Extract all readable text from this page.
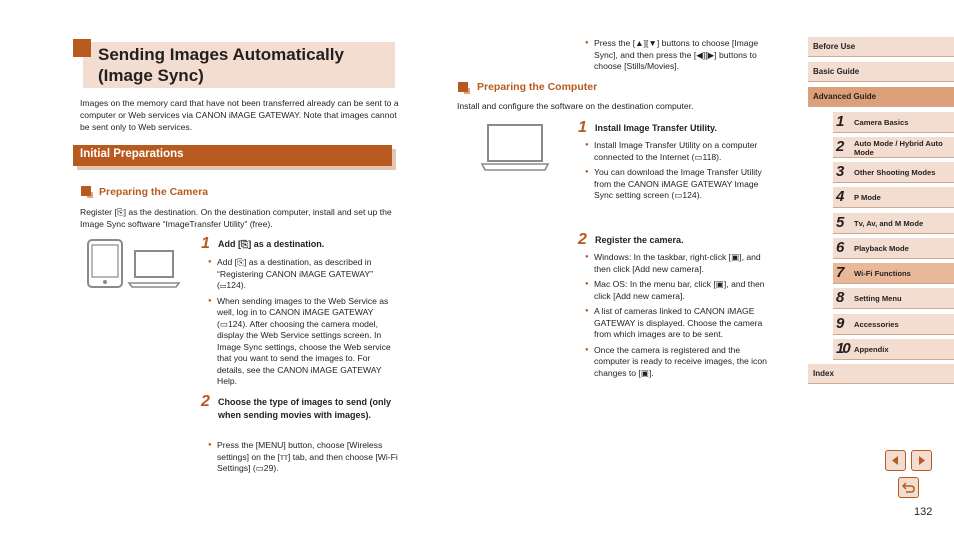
Sending Images Automatically
(Image Sync)
Images on the memory card that have not been transferred already can be sent to a computer or Web services via CANON iMAGE GATEWAY. Note that images cannot be sent only to Web services.
Initial Preparations
Preparing the Camera
Register [⎘] as the destination. On the destination computer, install and set up the Image Sync software “ImageTransfer Utility” (free).
1 Add [⎘] as a destination.
● Add [⎘] as a destination, as described in “Registering CANON iMAGE GATEWAY” (▭124).
● When sending images to the Web Service as well, log in to CANON iMAGE GATEWAY (▭124). After choosing the camera model, display the Web Service settings screen. In Image Sync settings, choose the Web service that you want to send the images to. For details, see the CANON iMAGE GATEWAY Help.
2 Choose the type of images to send (only when sending movies with images).
● Press the [MENU] button, choose [Wireless settings] on the [тт] tab, and then choose [Wi-Fi Settings] (▭29).
● Press the [▲][▼] buttons to choose [Image Sync], and then press the [◀][▶] buttons to choose [Stills/Movies].
Preparing the Computer
Install and configure the software on the destination computer.
1 Install Image Transfer Utility.
● Install Image Transfer Utility on a computer connected to the Internet (▭118).
● You can download the Image Transfer Utility from the CANON iMAGE GATEWAY Image Sync setting screen (▭124).
2 Register the camera.
● Windows: In the taskbar, right-click [▣], and then click [Add new camera].
● Mac OS: In the menu bar, click [▣], and then click [Add new camera].
● A list of cameras linked to CANON iMAGE GATEWAY is displayed. Choose the camera from which images are to be sent.
● Once the camera is registered and the computer is ready to receive images, the icon changes to [▣].
Before Use
Basic Guide
Advanced Guide
1 Camera Basics
2 Auto Mode / Hybrid Auto Mode
3 Other Shooting Modes
4 P Mode
5 Tv, Av, and M Mode
6 Playback Mode
7 Wi-Fi Functions
8 Setting Menu
9 Accessories
10 Appendix
Index
132
